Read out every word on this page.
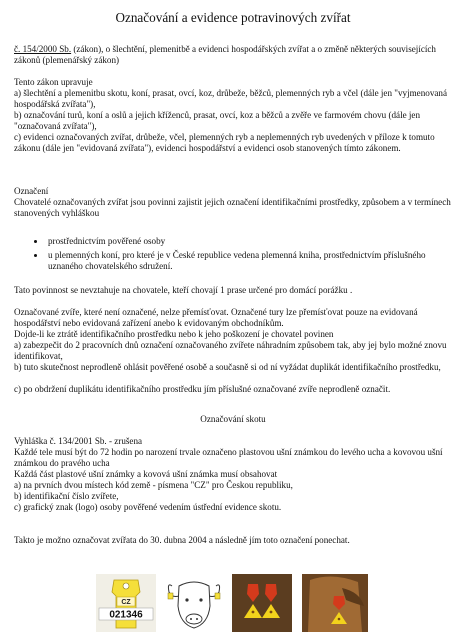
Označování a evidence potravinových zvířat

č. 154/2000 Sb. (zákon), o šlechtění, plemenitbě a evidenci hospodářských zvířat a o změně některých souvisejících zákonů (plemenářský zákon)

Tento zákon upravuje

a) šlechtění a plemenitbu skotu, koní, prasat, ovcí, koz, drůbeže, běžců, plemenných ryb a včel (dále jen "vyjmenovaná hospodářská zvířata"),

b) označování turů, koní a oslů a jejich kříženců, prasat, ovcí, koz a běžců a zvěře ve farmovém chovu (dále jen "označovaná zvířata"),

c) evidenci označovaných zvířat, drůbeže, včel, plemenných ryb a neplemenných ryb uvedených v příloze k tomuto zákonu (dále jen "evidovaná zvířata"), evidenci hospodářství a evidenci osob stanovených tímto zákonem.

Označení

Chovatelé označovaných zvířat jsou povinni zajistit jejich označení identifikačními prostředky, způsobem a v termínech stanovených vyhláškou

prostřednictvím pověřené osoby
u plemenných koní, pro které je v České republice vedena plemenná kniha, prostřednictvím příslušného uznaného chovatelského sdružení.

Tato povinnost se nevztahuje na chovatele, kteří chovají 1 prase určené pro domácí porážku .

Označované zvíře, které není označené, nelze přemísťovat. Označené tury lze přemísťovat pouze na evidovaná hospodářství nebo evidovaná zařízení anebo k evidovaným obchodníkům.

Dojde-li ke ztrátě identifikačního prostředku nebo k jeho poškození je chovatel povinen

a) zabezpečit do 2 pracovních dnů označení označovaného zvířete náhradním způsobem tak, aby jej bylo možné znovu identifikovat,

b) tuto skutečnost neprodleně ohlásit pověřené osobě a současně si od ní vyžádat duplikát identifikačního prostředku,

c) po obdržení duplikátu identifikačního prostředku jím příslušné označované zvíře neprodleně označit.

Označování skotu

Vyhláška č. 134/2001 Sb. - zrušena

Každé tele musí být do 72 hodin po narození trvale označeno plastovou ušní známkou do levého ucha a kovovou ušní známkou do pravého ucha

Každá část plastové ušní známky a kovová ušní známka musí obsahovat

a) na prvních dvou místech kód země - písmena "CZ" pro Českou republiku,

b) identifikační číslo zvířete,

c) grafický znak (logo) osoby pověřené vedením ústřední evidence skotu.

Takto je možno označovat zvířata do 30. dubna 2004 a následně jím toto označení ponechat.

CZ
021346
